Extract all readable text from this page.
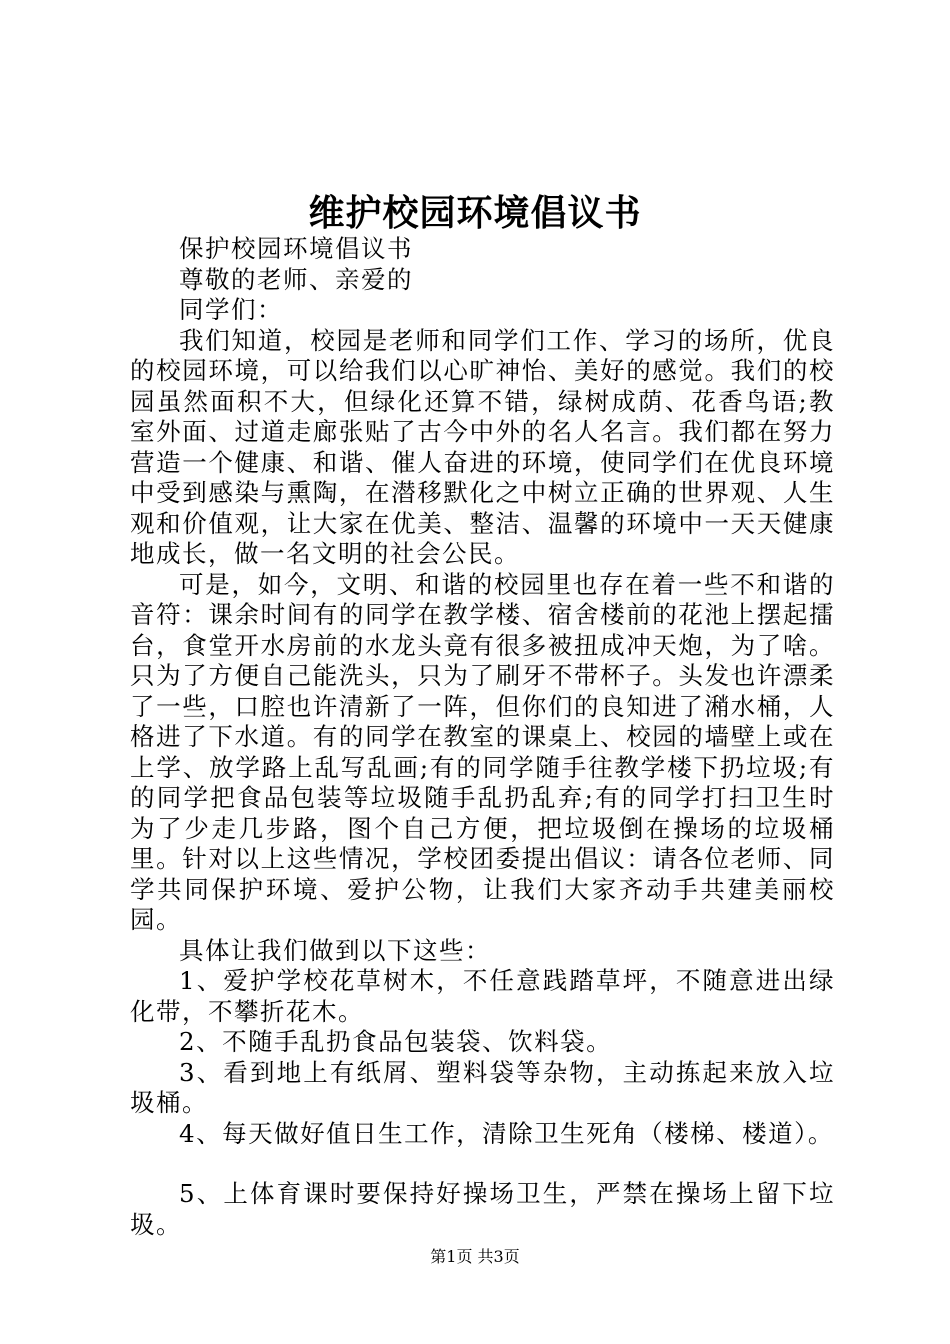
维护校园环境倡议书

保护校园环境倡议书

尊敬的老师、亲爱的

同学们：

我们知道，校园是老师和同学们工作、学习的场所，优良的校园环境，可以给我们以心旷神怡、美好的感觉。我们的校园虽然面积不大，但绿化还算不错，绿树成荫、花香鸟语;教室外面、过道走廊张贴了古今中外的名人名言。我们都在努力营造一个健康、和谐、催人奋进的环境，使同学们在优良环境中受到感染与熏陶，在潜移默化之中树立正确的世界观、人生观和价值观，让大家在优美、整洁、温馨的环境中一天天健康地成长，做一名文明的社会公民。

可是，如今，文明、和谐的校园里也存在着一些不和谐的音符：课余时间有的同学在教学楼、宿舍楼前的花池上摆起擂台，食堂开水房前的水龙头竟有很多被扭成冲天炮，为了啥。只为了方便自己能洗头，只为了刷牙不带杯子。头发也许漂柔了一些，口腔也许清新了一阵，但你们的良知进了潲水桶，人格进了下水道。有的同学在教室的课桌上、校园的墙壁上或在上学、放学路上乱写乱画;有的同学随手往教学楼下扔垃圾;有的同学把食品包装等垃圾随手乱扔乱弃;有的同学打扫卫生时为了少走几步路，图个自己方便，把垃圾倒在操场的垃圾桶里。针对以上这些情况，学校团委提出倡议：请各位老师、同学共同保护环境、爱护公物，让我们大家齐动手共建美丽校园。

具体让我们做到以下这些：

1、爱护学校花草树木，不任意践踏草坪，不随意进出绿化带，不攀折花木。

2、不随手乱扔食品包装袋、饮料袋。

3、看到地上有纸屑、塑料袋等杂物，主动拣起来放入垃圾桶。

4、每天做好值日生工作，清除卫生死角（楼梯、楼道）。

5、上体育课时要保持好操场卫生，严禁在操场上留下垃圾。

第1页 共3页
